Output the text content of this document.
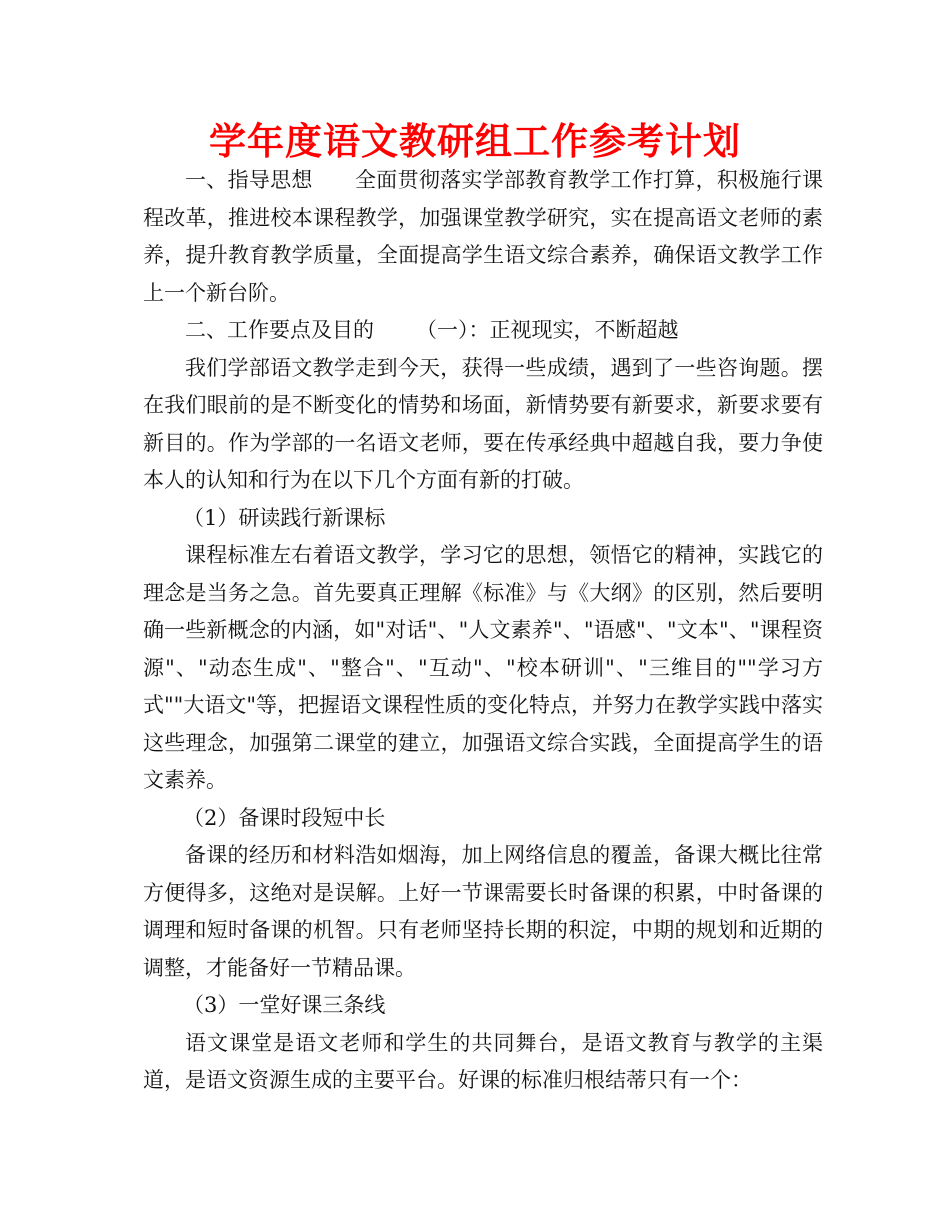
学年度语文教研组工作参考计划

一、指导思想 全面贯彻落实学部教育教学工作打算，积极施行课程改革，推进校本课程教学，加强课堂教学研究，实在提高语文老师的素养，提升教育教学质量，全面提高学生语文综合素养，确保语文教学工作上一个新台阶。

二、工作要点及目的 （一）：正视现实，不断超越

我们学部语文教学走到今天，获得一些成绩，遇到了一些咨询题。摆在我们眼前的是不断变化的情势和场面，新情势要有新要求，新要求要有新目的。作为学部的一名语文老师，要在传承经典中超越自我，要力争使本人的认知和行为在以下几个方面有新的打破。

（1）研读践行新课标

课程标准左右着语文教学，学习它的思想，领悟它的精神，实践它的理念是当务之急。首先要真正理解《标准》与《大纲》的区别，然后要明确一些新概念的内涵，如"对话"、"人文素养"、"语感"、"文本"、"课程资源"、"动态生成"、"整合"、"互动"、"校本研训"、"三维目的""学习方式""大语文"等，把握语文课程性质的变化特点，并努力在教学实践中落实这些理念，加强第二课堂的建立，加强语文综合实践，全面提高学生的语文素养。

（2）备课时段短中长

备课的经历和材料浩如烟海，加上网络信息的覆盖，备课大概比往常方便得多，这绝对是误解。上好一节课需要长时备课的积累，中时备课的调理和短时备课的机智。只有老师坚持长期的积淀，中期的规划和近期的调整，才能备好一节精品课。

（3）一堂好课三条线

语文课堂是语文老师和学生的共同舞台，是语文教育与教学的主渠道，是语文资源生成的主要平台。好课的标准归根结蒂只有一个：
